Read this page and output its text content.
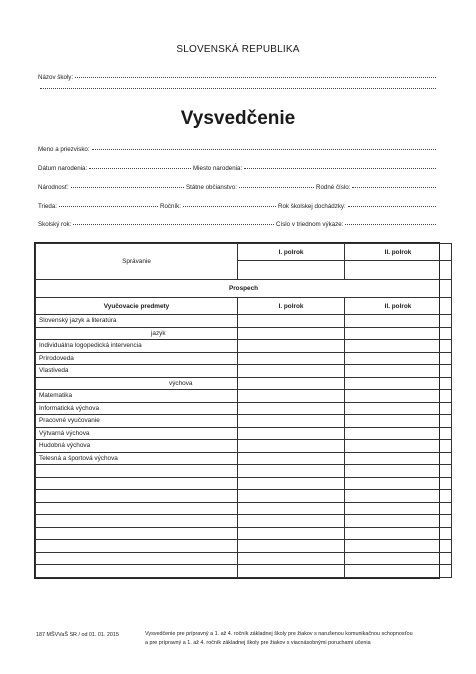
SLOVENSKÁ REPUBLIKA
Názov školy:
Vysvedčenie
Meno a priezvisko:
Dátum narodenia:	Miesto narodenia:
Národnosť:	Štátne občianstvo:	Rodné číslo:
Trieda:	Ročník:	Rok školskej dochádzky:
Školský rok:	Číslo v triednom výkaze:
Správanie	I. polrok	II. polrok

Prospech		
Vyučovacie predmety	I. polrok	II. polrok
Slovenský jazyk a literatúra		
jazyk		
Individuálna logopedická intervencia		
Prírodoveda		
Vlastiveda		
výchova		
Matematika		
Informatická výchova		
Pracovné vyučovanie		
Výtvarná výchova		
Hudobná výchova		
Telesná a športová výchova		

187 MŠVVaŠ SR / od 01. 01. 2015	Vysvedčenie pre prípravný a 1. až 4. ročník základnej školy pre žiakov s narušenou komunikačnou schopnosťou
a pre prípravný a 1. až 4. ročník základnej školy pre žiakov s viacnásobnými poruchami učenia
